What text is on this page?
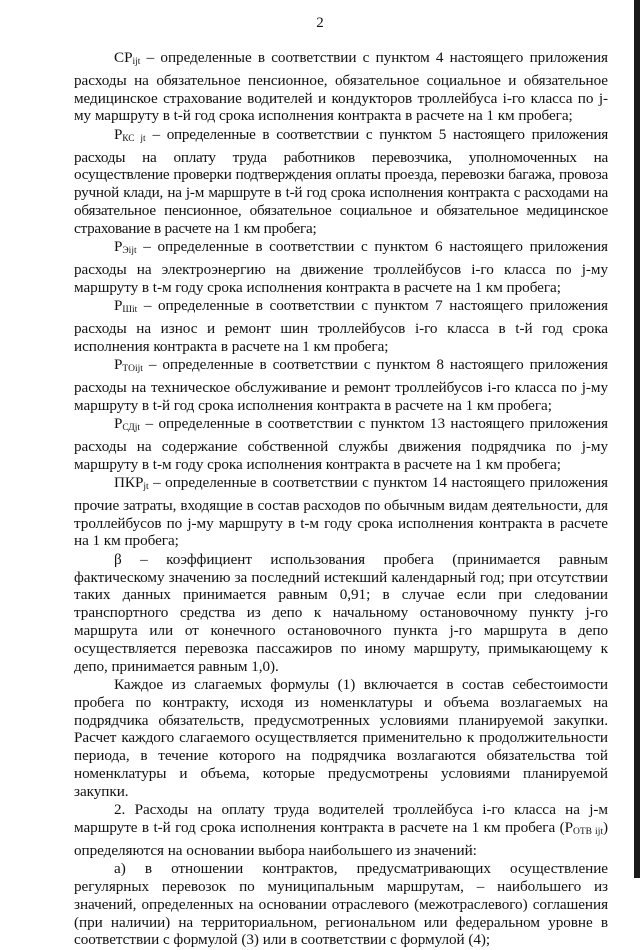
2

$CP_{ijt}$ – определенные в соответствии с пунктом 4 настоящего приложения расходы на обязательное пенсионное, обязательное социальное и обязательное медицинское страхование водителей и кондукторов троллейбуса i-го класса по j-му маршруту в t-й год срока исполнения контракта в расчете на 1 км пробега;

$Р_{КС jt}$ – определенные в соответствии с пунктом 5 настоящего приложения расходы на оплату труда работников перевозчика, уполномоченных на осуществление проверки подтверждения оплаты проезда, перевозки багажа, провоза ручной клади, на j-м маршруте в t-й год срока исполнения контракта с расходами на обязательное пенсионное, обязательное социальное и обязательное медицинское страхование в расчете на 1 км пробега;

$Р_{Эijt}$ – определенные в соответствии с пунктом 6 настоящего приложения расходы на электроэнергию на движение троллейбусов i-го класса по j-му маршруту в t-м году срока исполнения контракта в расчете на 1 км пробега;

$Р_{Шit}$ – определенные в соответствии с пунктом 7 настоящего приложения расходы на износ и ремонт шин троллейбусов i-го класса в t-й год срока исполнения контракта в расчете на 1 км пробега;

$Р_{ТОijt}$ – определенные в соответствии с пунктом 8 настоящего приложения расходы на техническое обслуживание и ремонт троллейбусов i-го класса по j-му маршруту в t-й год срока исполнения контракта в расчете на 1 км пробега;

$Р_{СДjt}$ – определенные в соответствии с пунктом 13 настоящего приложения расходы на содержание собственной службы движения подрядчика по j-му маршруту в t-м году срока исполнения контракта в расчете на 1 км пробега;

$ПКР_{jt}$ – определенные в соответствии с пунктом 14 настоящего приложения прочие затраты, входящие в состав расходов по обычным видам деятельности, для троллейбусов по j-му маршруту в t-м году срока исполнения контракта в расчете на 1 км пробега;

β – коэффициент использования пробега (принимается равным фактическому значению за последний истекший календарный год; при отсутствии таких данных принимается равным 0,91; в случае если при следовании транспортного средства из депо к начальному остановочному пункту j-го маршрута или от конечного остановочного пункта j-го маршрута в депо осуществляется перевозка пассажиров по иному маршруту, примыкающему к депо, принимается равным 1,0).

Каждое из слагаемых формулы (1) включается в состав себестоимости пробега по контракту, исходя из номенклатуры и объема возлагаемых на подрядчика обязательств, предусмотренных условиями планируемой закупки. Расчет каждого слагаемого осуществляется применительно к продолжительности периода, в течение которого на подрядчика возлагаются обязательства той номенклатуры и объема, которые предусмотрены условиями планируемой закупки.

2. Расходы на оплату труда водителей троллейбуса i-го класса на j-м маршруте в t-й год срока исполнения контракта в расчете на 1 км пробега $(Р_{ОТВ ijt})$ определяются на основании выбора наибольшего из значений:

а) в отношении контрактов, предусматривающих осуществление регулярных перевозок по муниципальным маршрутам, – наибольшего из значений, определенных на основании отраслевого (межотраслевого) соглашения (при наличии) на территориальном, региональном или федеральном уровне в соответствии с формулой (3) или в соответствии с формулой (4);
